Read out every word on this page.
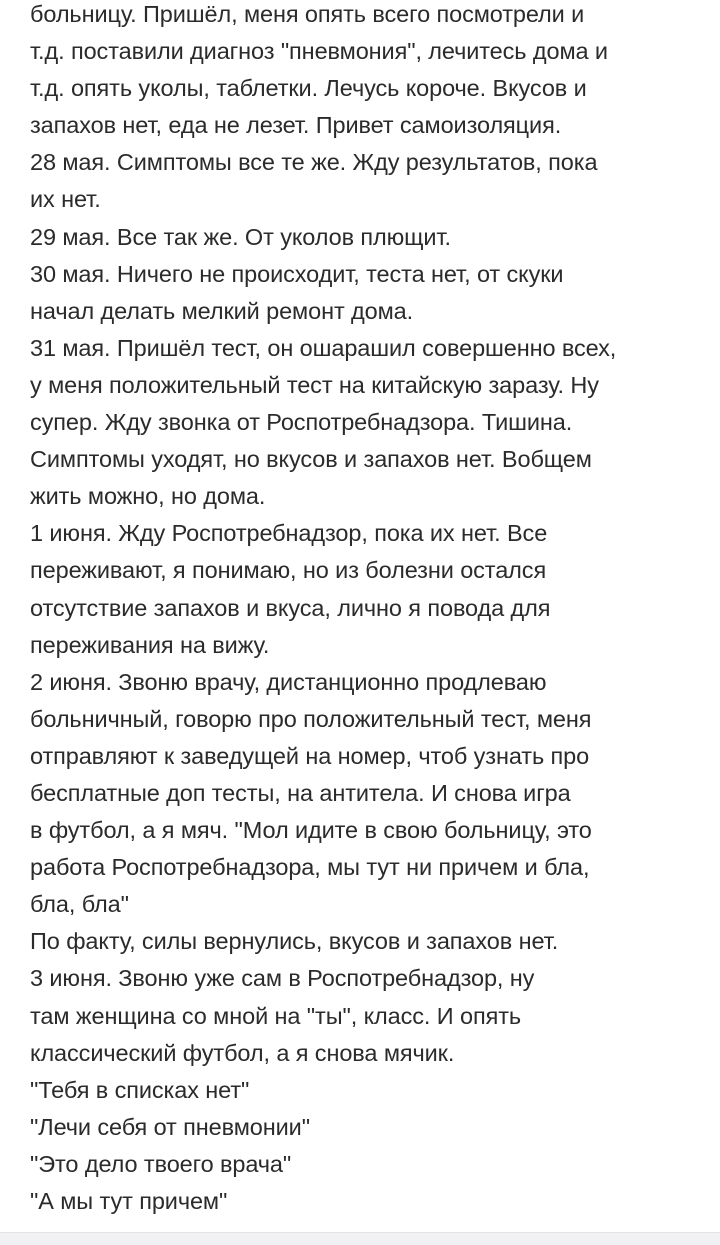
больницу. Пришёл, меня опять всего посмотрели и
т.д. поставили диагноз "пневмония", лечитесь дома и
т.д. опять уколы, таблетки. Лечусь короче. Вкусов и
запахов нет, еда не лезет. Привет самоизоляция.
28 мая. Симптомы все те же. Жду результатов, пока
их нет.
29 мая. Все так же. От уколов плющит.
30 мая. Ничего не происходит, теста нет, от скуки
начал делать мелкий ремонт дома.
31 мая. Пришёл тест, он ошарашил совершенно всех,
у меня положительный тест на китайскую заразу. Ну
супер. Жду звонка от Роспотребнадзора. Тишина.
Симптомы уходят, но вкусов и запахов нет. Вобщем
жить можно, но дома.
1 июня. Жду Роспотребнадзор, пока их нет. Все
переживают, я понимаю, но из болезни остался
отсутствие запахов и вкуса, лично я повода для
переживания на вижу.
2 июня. Звоню врачу, дистанционно продлеваю
больничный, говорю про положительный тест, меня
отправляют к заведущей на номер, чтоб узнать про
бесплатные доп тесты, на антитела. И снова игра
в футбол, а я мяч. "Мол идите в свою больницу, это
работа Роспотребнадзора, мы тут ни причем и бла,
бла, бла"
По факту, силы вернулись, вкусов и запахов нет.
3 июня. Звоню уже сам в Роспотребнадзор, ну
там женщина со мной на "ты", класс. И опять
классический футбол, а я снова мячик.
"Тебя в списках нет"
"Лечи себя от пневмонии"
"Это дело твоего врача"
"А мы тут причем"
